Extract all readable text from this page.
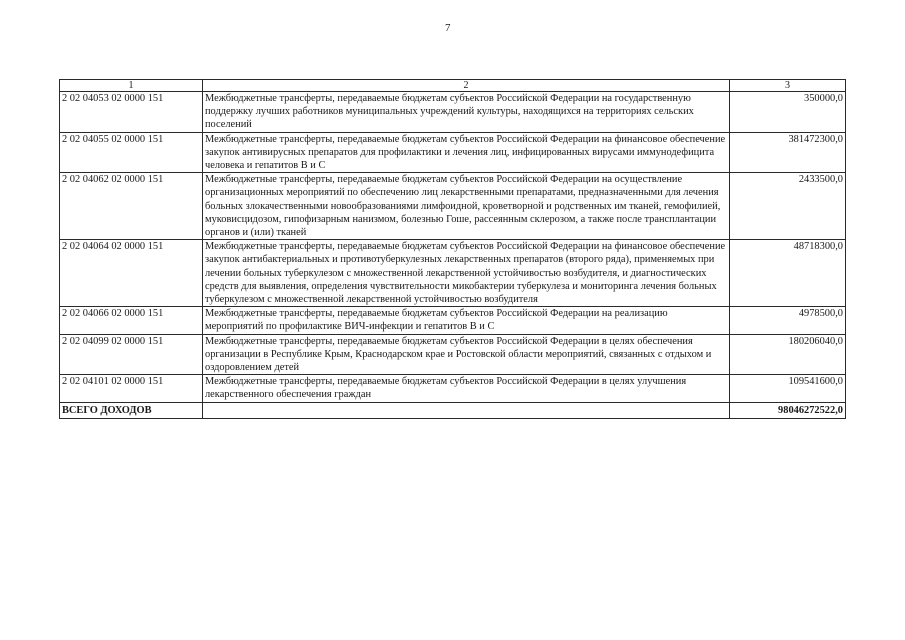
7
1	2	3
2 02 04053 02 0000 151	Межбюджетные трансферты, передаваемые бюджетам субъектов Российской Федерации на государственную поддержку лучших работников муниципальных учреждений культуры, находящихся на территориях сельских поселений	350000,0
2 02 04055 02 0000 151	Межбюджетные трансферты, передаваемые бюджетам субъектов Российской Федерации на финансовое обеспечение закупок антивирусных препаратов для профилактики и лечения лиц, инфицированных вирусами иммунодефицита человека и гепатитов В и С	381472300,0
2 02 04062 02 0000 151	Межбюджетные трансферты, передаваемые бюджетам субъектов Российской Федерации на осуществление организационных мероприятий по обеспечению лиц лекарственными препаратами, предназначенными для лечения больных злокачественными новообразованиями лимфоидной, кроветворной и родственных им тканей, гемофилией, муковисцидозом, гипофизарным нанизмом, болезнью Гоше, рассеянным склерозом, а также после трансплантации органов и (или) тканей	2433500,0
2 02 04064 02 0000 151	Межбюджетные трансферты, передаваемые бюджетам субъектов Российской Федерации на финансовое обеспечение закупок антибактериальных и противотуберкулезных лекарственных препаратов (второго ряда), применяемых при лечении больных туберкулезом с множественной лекарственной устойчивостью возбудителя, и диагностических средств для выявления, определения чувствительности микобактерии туберкулеза и мониторинга лечения больных туберкулезом с множественной лекарственной устойчивостью возбудителя	48718300,0
2 02 04066 02 0000 151	Межбюджетные трансферты, передаваемые бюджетам субъектов Российской Федерации на реализацию мероприятий по профилактике ВИЧ-инфекции и гепатитов В и С	4978500,0
2 02 04099 02 0000 151	Межбюджетные трансферты, передаваемые бюджетам субъектов Российской Федерации в целях обеспечения организации в Республике Крым, Краснодарском крае и Ростовской области мероприятий, связанных с отдыхом и оздоровлением детей	180206040,0
2 02 04101 02 0000 151	Межбюджетные трансферты, передаваемые бюджетам субъектов Российской Федерации в целях улучшения лекарственного обеспечения граждан	109541600,0
ВСЕГО ДОХОДОВ		98046272522,0
